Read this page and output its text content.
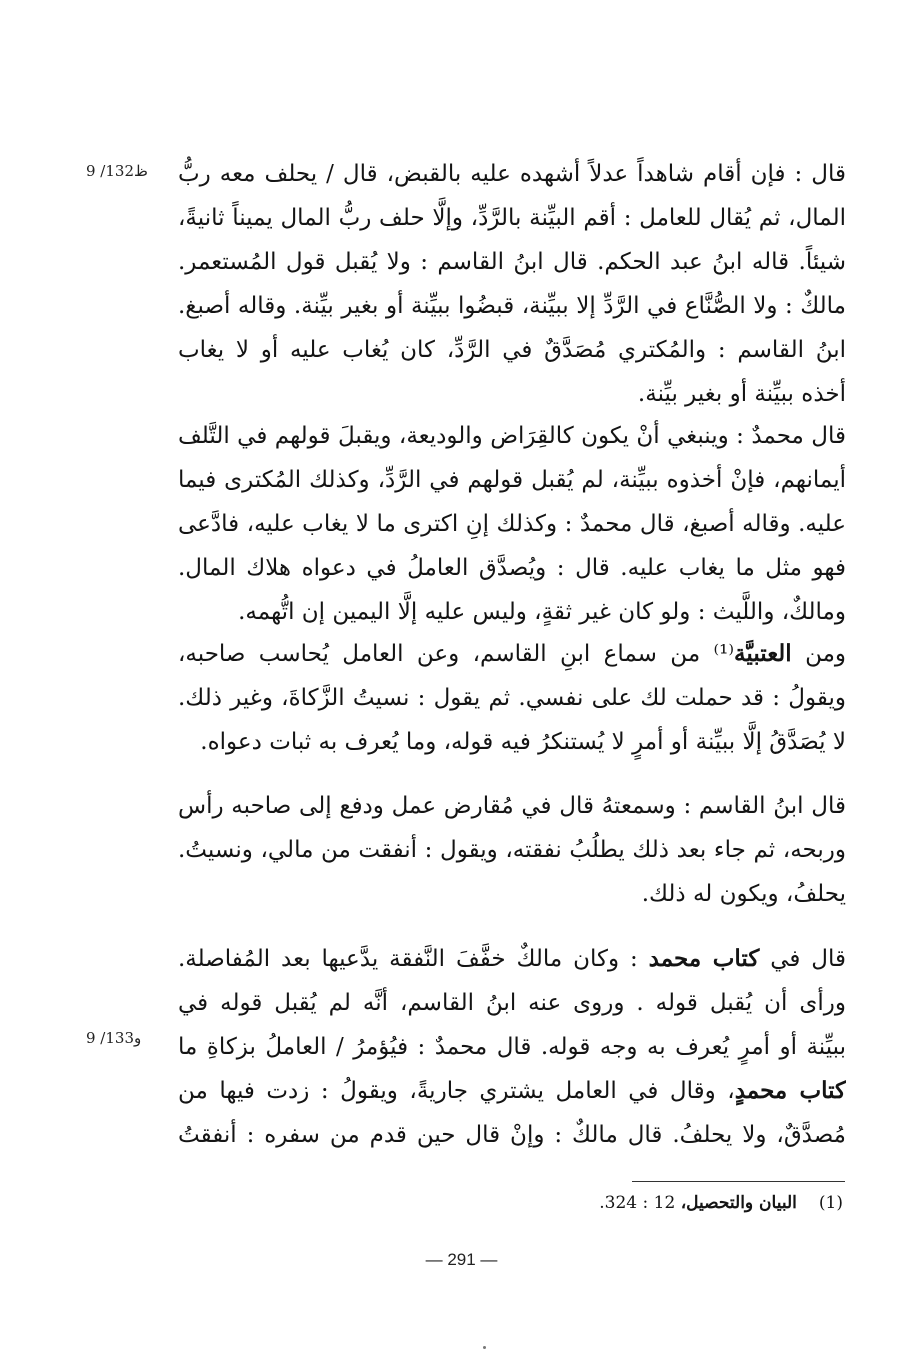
9 /132ظ
9 /133و
قال : فإن أقام شاهداً عدلاً أشهده عليه بالقبض، قال / يحلف معه ربُّ
المال، ثم يُقال للعامل : أقم البيِّنة بالرَّدِّ، وإلَّا حلف ربُّ المال يميناً ثانيةً،
شيئاً. قاله ابنُ عبد الحكم. قال ابنُ القاسم : ولا يُقبل قول المُستعمر.
مالكٌ : ولا الصُّنَّاع في الرَّدِّ إلا ببيِّنة، قبضُوا ببيِّنة أو بغير بيِّنة. وقاله أصبغ.
ابنُ القاسم : والمُكتري مُصَدَّقٌ في الرَّدِّ، كان يُغاب عليه أو لا يغاب
أخذه ببيِّنة أو بغير بيِّنة.
قال محمدٌ : وينبغي أنْ يكون كالقِرَاض والوديعة، ويقبلَ قولهم في التَّلف
أيمانهم، فإنْ أخذوه ببيِّنة، لم يُقبل قولهم في الرَّدِّ، وكذلك المُكترى فيما
عليه. وقاله أصبغ، قال محمدٌ : وكذلك إنِ اكترى ما لا يغاب عليه، فادَّعى
فهو مثل ما يغاب عليه. قال : ويُصدَّق العاملُ في دعواه هلاك المال.
ومالكٌ، واللَّيث : ولو كان غير ثقةٍ، وليس عليه إلَّا اليمين إن اتُّهمه.
ومن العتبيَّة⁽¹⁾ من سماع ابنِ القاسم، وعن العامل يُحاسب صاحبه،
ويقولُ : قد حملت لك على نفسي. ثم يقول : نسيتُ الزَّكاةَ، وغير ذلك.
لا يُصَدَّقُ إلَّا ببيِّنة أو أمرٍ لا يُستنكرُ فيه قوله، وما يُعرف به ثبات دعواه.
قال ابنُ القاسم : وسمعتهُ قال في مُقارض عمل ودفع إلى صاحبه رأس
وربحه، ثم جاء بعد ذلك يطلُبُ نفقته، ويقول : أنفقت من مالي، ونسيتُ.
يحلفُ، ويكون له ذلك.
قال في كتاب محمد : وكان مالكٌ خفَّفَ النَّفقة يدَّعيها بعد المُفاصلة.
ورأى أن يُقبل قوله . وروى عنه ابنُ القاسم، أنَّه لم يُقبل قوله في
ببيِّنة أو أمرٍ يُعرف به وجه قوله. قال محمدٌ : فيُؤمرُ / العاملُ بزكاةِ ما
كتاب محمدٍ، وقال في العامل يشتري جاريةً، ويقولُ : زدت فيها من
مُصدَّقٌ، ولا يحلفُ. قال مالكٌ : وإنْ قال حين قدم من سفره : أنفقتُ
(1)البيان والتحصيل، 12 : 324.
— 291 —
